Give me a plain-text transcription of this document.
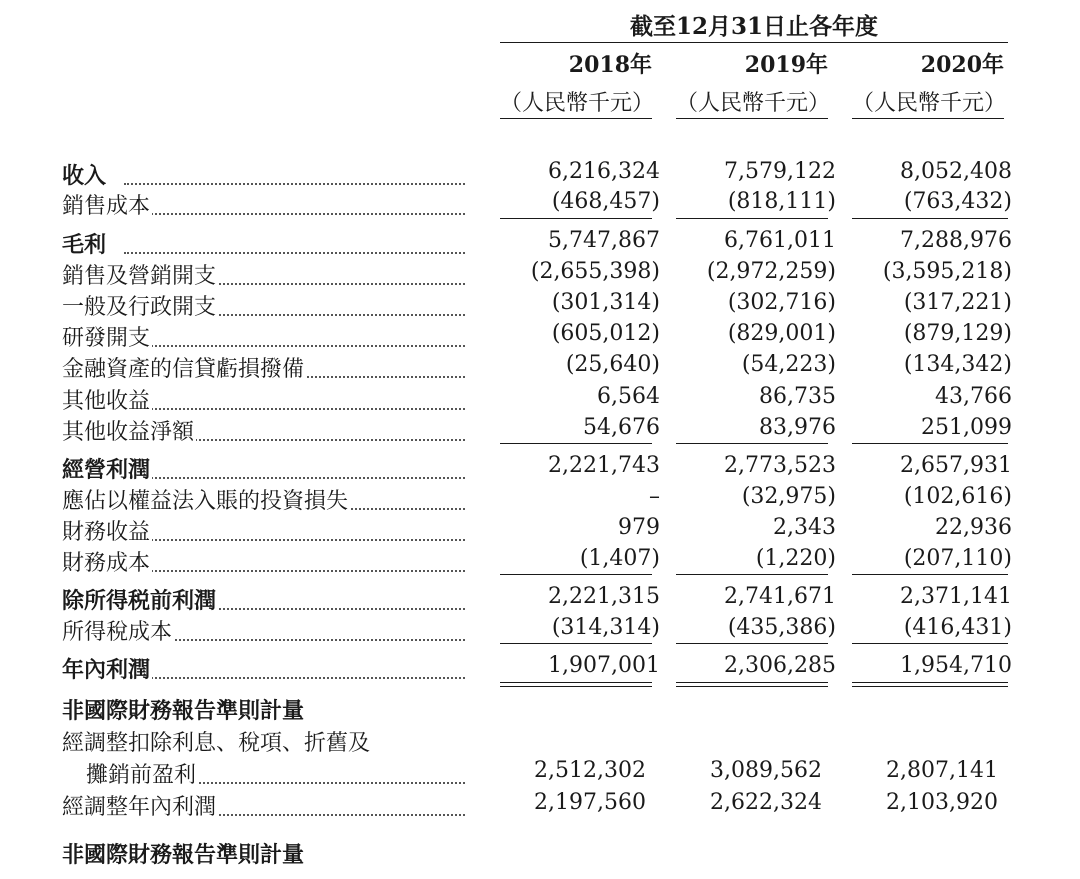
截至12月31日止各年度
2018年	2019年	2020年
（人民幣千元） （人民幣千元） （人民幣千元）
收入	6,216,324	7,579,122	8,052,408
銷售成本	(468,457)	(818,111)	(763,432)
毛利	5,747,867	6,761,011	7,288,976
銷售及營銷開支	(2,655,398)	(2,972,259)	(3,595,218)
一般及行政開支	(301,314)	(302,716)	(317,221)
研發開支	(605,012)	(829,001)	(879,129)
金融資產的信貸虧損撥備	(25,640)	(54,223)	(134,342)
其他收益	6,564	86,735	43,766
其他收益淨額	54,676	83,976	251,099
經營利潤	2,221,743	2,773,523	2,657,931
應佔以權益法入賬的投資損失	–	(32,975)	(102,616)
財務收益	979	2,343	22,936
財務成本	(1,407)	(1,220)	(207,110)
除所得税前利潤	2,221,315	2,741,671	2,371,141
所得稅成本	(314,314)	(435,386)	(416,431)
年內利潤	1,907,001	2,306,285	1,954,710
非國際財務報告準則計量
經調整扣除利息、稅項、折舊及
攤銷前盈利	2,512,302	3,089,562	2,807,141
經調整年內利潤	2,197,560	2,622,324	2,103,920
非國際財務報告準則計量
